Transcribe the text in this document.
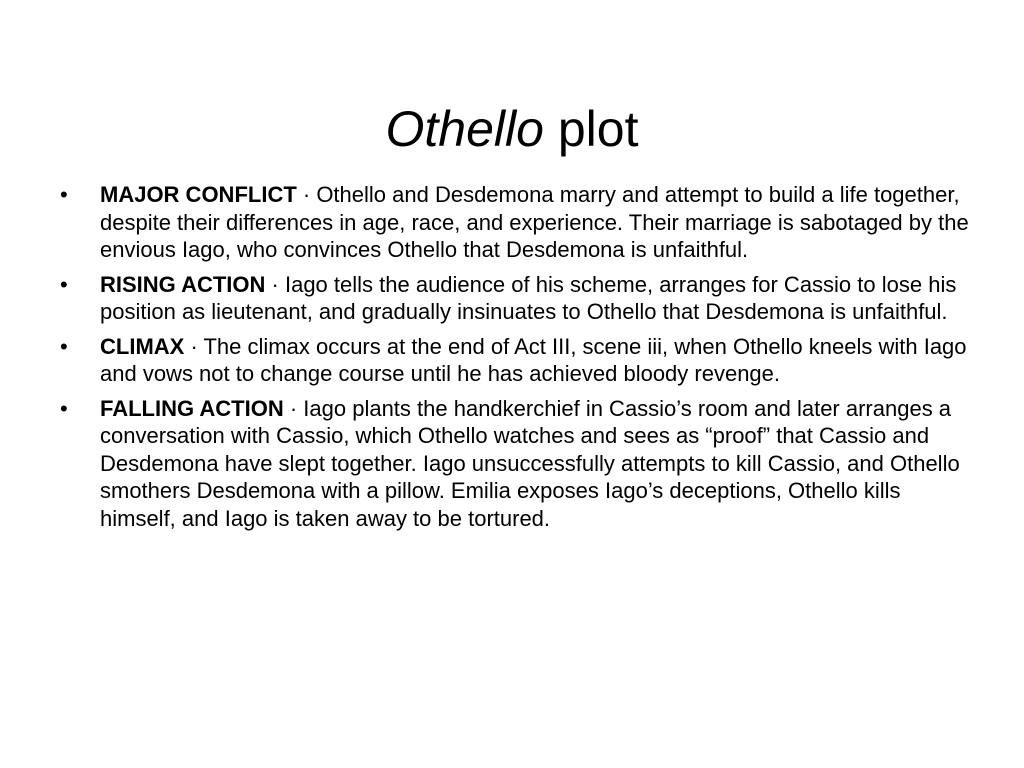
Othello plot
•	MAJOR CONFLICT · Othello and Desdemona marry and attempt to build a life together, despite their differences in age, race, and experience. Their marriage is sabotaged by the envious Iago, who convinces Othello that Desdemona is unfaithful.
•	RISING ACTION · Iago tells the audience of his scheme, arranges for Cassio to lose his position as lieutenant, and gradually insinuates to Othello that Desdemona is unfaithful.
•	CLIMAX · The climax occurs at the end of Act III, scene iii, when Othello kneels with Iago and vows not to change course until he has achieved bloody revenge.
•	FALLING ACTION · Iago plants the handkerchief in Cassio’s room and later arranges a conversation with Cassio, which Othello watches and sees as “proof” that Cassio and Desdemona have slept together. Iago unsuccessfully attempts to kill Cassio, and Othello smothers Desdemona with a pillow. Emilia exposes Iago’s deceptions, Othello kills himself, and Iago is taken away to be tortured.
